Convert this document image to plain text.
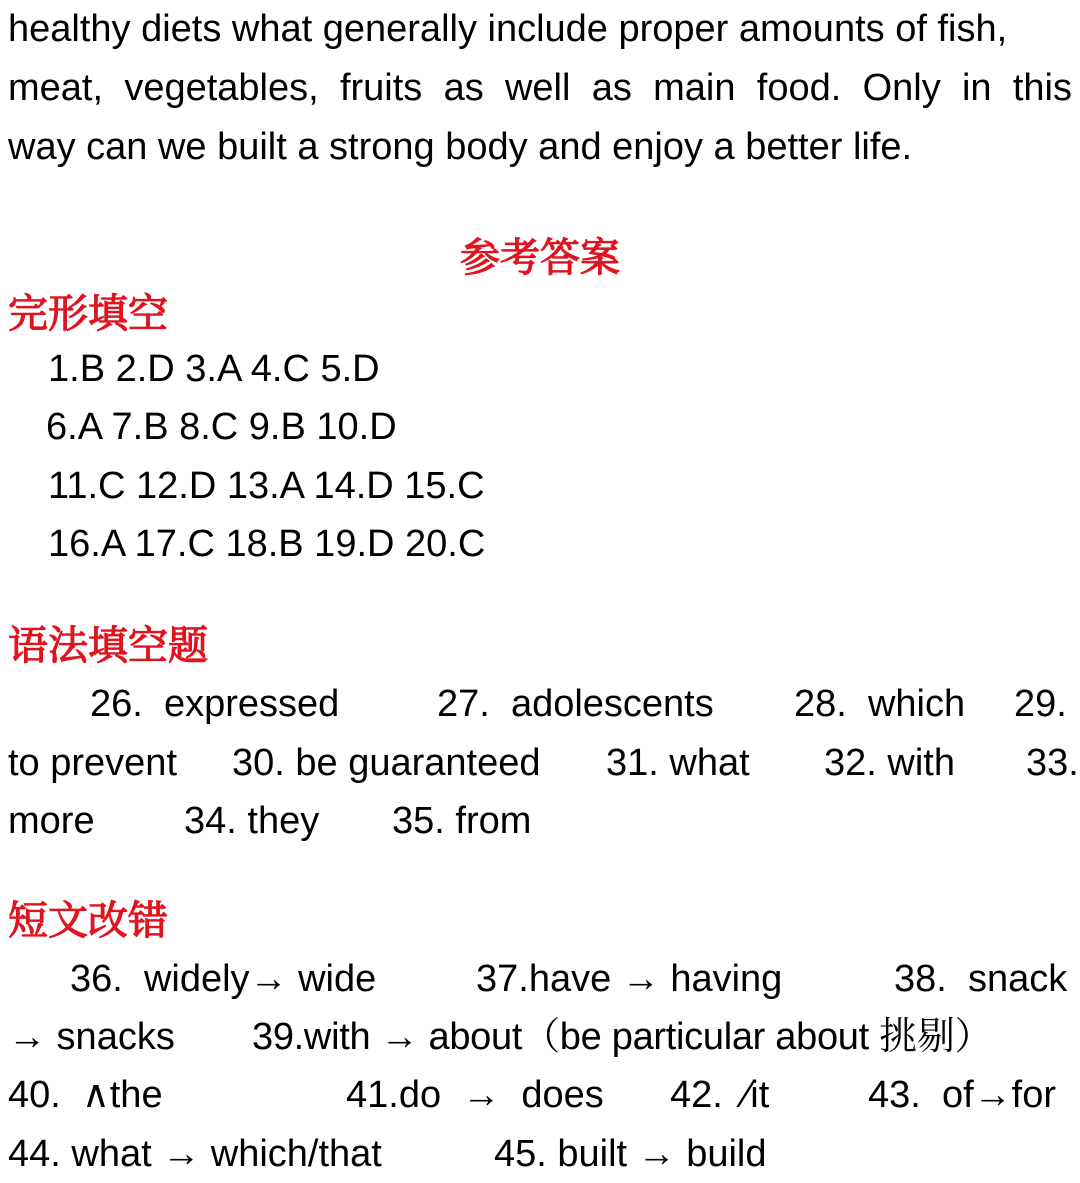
healthy diets what generally include proper amounts of fish,
meat, vegetables, fruits as well as main food. Only in this
way can we built a strong body and enjoy a better life.
参考答案
完形填空
1.B 2.D 3.A 4.C 5.D
6.A 7.B 8.C 9.B 10.D
11.C 12.D 13.A 14.D 15.C
16.A 17.C 18.B 19.D 20.C
语法填空题
26.  expressed	27.  adolescents 28.  which 29.
to prevent 30. be guaranteed 31. what 32. with 33.
more 34. they 35. from
短文改错
36.  widely→ wide	37.have → having	38.  snack
→ snacks 39.with → about（be particular about 挑剔）
40.  ∧the	41.do  →  does 42.  ∕it	43.  of→for
44. what → which/that	45. built → build
